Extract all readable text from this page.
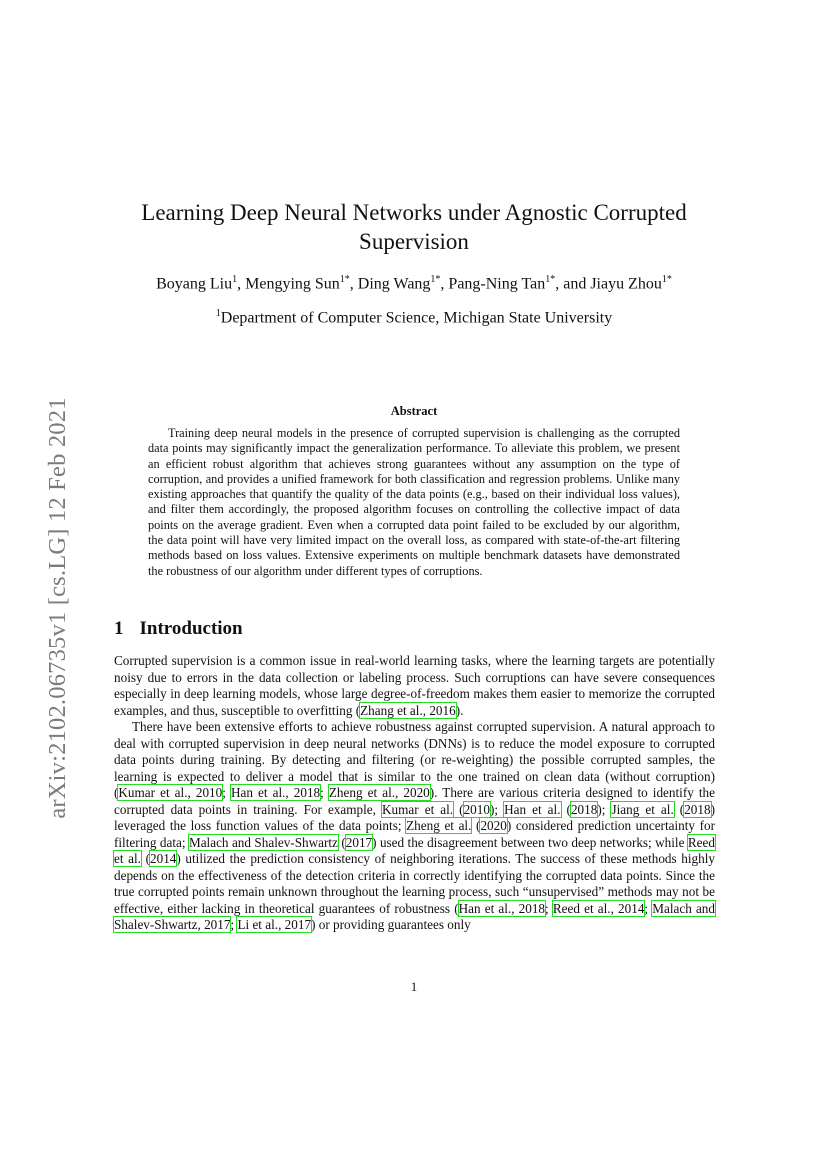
arXiv:2102.06735v1 [cs.LG] 12 Feb 2021
Learning Deep Neural Networks under Agnostic Corrupted
Supervision
Boyang Liu$^1$, Mengying Sun$^{1*}$, Ding Wang$^{1*}$, Pang-Ning Tan$^{1*}$, and Jiayu Zhou$^{1*}$
$^1$Department of Computer Science, Michigan State University
Abstract
Training deep neural models in the presence of corrupted supervision is challenging as the corrupted data points may significantly impact the generalization performance. To alleviate this problem, we present an efficient robust algorithm that achieves strong guarantees without any assumption on the type of corruption, and provides a unified framework for both classification and regression problems. Unlike many existing approaches that quantify the quality of the data points (e.g., based on their individual loss values), and filter them accordingly, the proposed algorithm focuses on controlling the collective impact of data points on the average gradient. Even when a corrupted data point failed to be excluded by our algorithm, the data point will have very limited impact on the overall loss, as compared with state-of-the-art filtering methods based on loss values. Extensive experiments on multiple benchmark datasets have demonstrated the robustness of our algorithm under different types of corruptions.
1 Introduction

Corrupted supervision is a common issue in real-world learning tasks, where the learning targets are potentially noisy due to errors in the data collection or labeling process. Such corruptions can have severe consequences especially in deep learning models, whose large degree-of-freedom makes them easier to memorize the corrupted examples, and thus, susceptible to overfitting (Zhang et al., 2016).

There have been extensive efforts to achieve robustness against corrupted supervision. A natural approach to deal with corrupted supervision in deep neural networks (DNNs) is to reduce the model exposure to corrupted data points during training. By detecting and filtering (or re-weighting) the possible corrupted samples, the learning is expected to deliver a model that is similar to the one trained on clean data (without corruption) (Kumar et al., 2010; Han et al., 2018; Zheng et al., 2020). There are various criteria designed to identify the corrupted data points in training. For example, Kumar et al. (2010); Han et al. (2018); Jiang et al. (2018) leveraged the loss function values of the data points; Zheng et al. (2020) considered prediction uncertainty for filtering data; Malach and Shalev-Shwartz (2017) used the disagreement between two deep networks; while Reed et al. (2014) utilized the prediction consistency of neighboring iterations. The success of these methods highly depends on the effectiveness of the detection criteria in correctly identifying the corrupted data points. Since the true corrupted points remain unknown throughout the learning process, such “unsupervised” methods may not be effective, either lacking in theoretical guarantees of robustness (Han et al., 2018; Reed et al., 2014; Malach and Shalev-Shwartz, 2017; Li et al., 2017) or providing guarantees only

1
